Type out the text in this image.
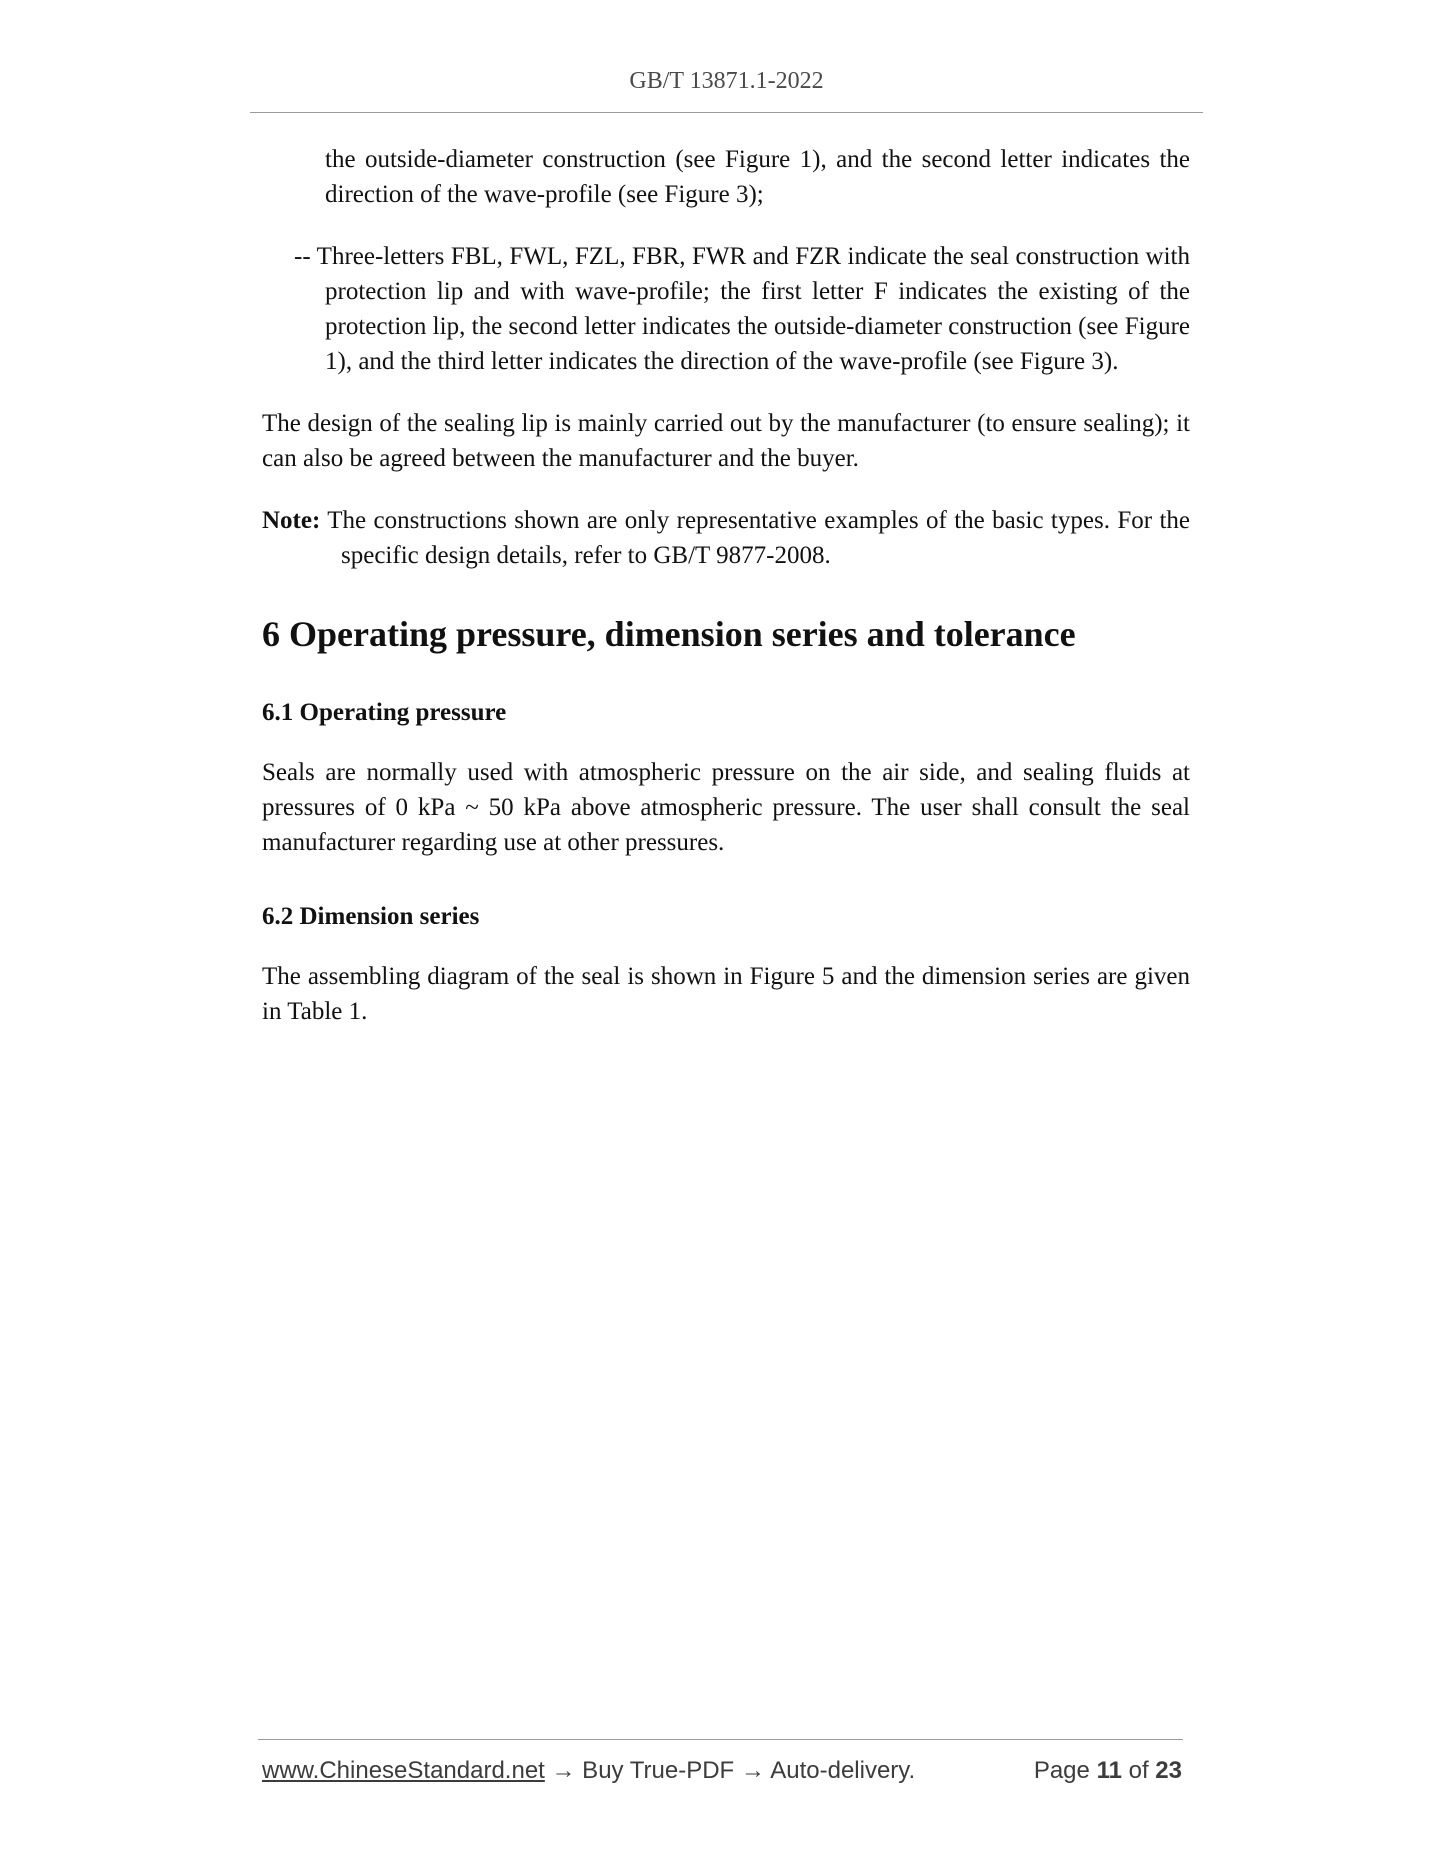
GB/T 13871.1-2022

the outside-diameter construction (see Figure 1), and the second letter indicates the direction of the wave-profile (see Figure 3);

-- Three-letters FBL, FWL, FZL, FBR, FWR and FZR indicate the seal construction with protection lip and with wave-profile; the first letter F indicates the existing of the protection lip, the second letter indicates the outside-diameter construction (see Figure 1), and the third letter indicates the direction of the wave-profile (see Figure 3).

The design of the sealing lip is mainly carried out by the manufacturer (to ensure sealing); it can also be agreed between the manufacturer and the buyer.

Note: The constructions shown are only representative examples of the basic types. For the specific design details, refer to GB/T 9877-2008.

6 Operating pressure, dimension series and tolerance
6.1 Operating pressure

Seals are normally used with atmospheric pressure on the air side, and sealing fluids at pressures of 0 kPa ~ 50 kPa above atmospheric pressure. The user shall consult the seal manufacturer regarding use at other pressures.

6.2 Dimension series

The assembling diagram of the seal is shown in Figure 5 and the dimension series are given in Table 1.

www.ChineseStandard.net → Buy True-PDF → Auto-delivery.	Page 11 of 23
